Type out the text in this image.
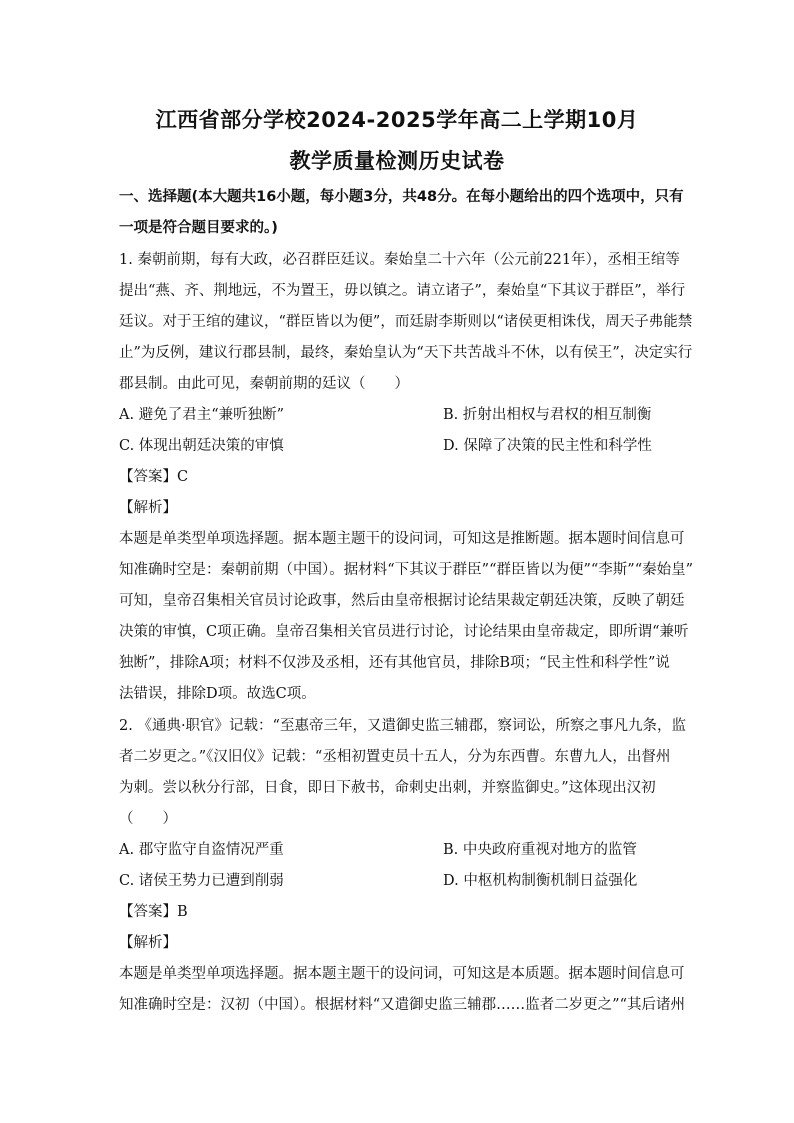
江西省部分学校2024-2025学年高二上学期10月
教学质量检测历史试卷
一、选择题(本大题共16小题，每小题3分，共48分。在每小题给出的四个选项中，只有
一项是符合题目要求的。)
1. 秦朝前期，每有大政，必召群臣廷议。秦始皇二十六年（公元前221年），丞相王绾等
提出“燕、齐、荆地远，不为置王，毋以镇之。请立诸子”，秦始皇“下其议于群臣”，举行
廷议。对于王绾的建议，“群臣皆以为便”，而廷尉李斯则以“诸侯更相诛伐，周天子弗能禁
止”为反例，建议行郡县制，最终，秦始皇认为“天下共苦战斗不休，以有侯王”，决定实行
郡县制。由此可见，秦朝前期的廷议（　　）
A. 避免了君主“兼听独断”	B. 折射出相权与君权的相互制衡
C. 体现出朝廷决策的审慎	D. 保障了决策的民主性和科学性
【答案】C
【解析】
本题是单类型单项选择题。据本题主题干的设问词，可知这是推断题。据本题时间信息可
知准确时空是：秦朝前期（中国）。据材料“下其议于群臣”“群臣皆以为便”“李斯”“秦始皇”
可知，皇帝召集相关官员讨论政事，然后由皇帝根据讨论结果裁定朝廷决策，反映了朝廷
决策的审慎，C项正确。皇帝召集相关官员进行讨论，讨论结果由皇帝裁定，即所谓“兼听
独断”，排除A项；材料不仅涉及丞相，还有其他官员，排除B项；“民主性和科学性”说
法错误，排除D项。故选C项。
2. 《通典·职官》记载：“至惠帝三年，又遣御史监三辅郡，察词讼，所察之事凡九条，监
者二岁更之。”《汉旧仪》记载：“丞相初置吏员十五人，分为东西曹。东曹九人，出督州
为刺。尝以秋分行部，日食，即日下赦书，命刺史出刺，并察监御史。”这体现出汉初
（　　）
A. 郡守监守自盗情况严重	B. 中央政府重视对地方的监管
C. 诸侯王势力已遭到削弱	D. 中枢机构制衡机制日益强化
【答案】B
【解析】
本题是单类型单项选择题。据本题主题干的设问词，可知这是本质题。据本题时间信息可
知准确时空是：汉初（中国）。根据材料“又遣御史监三辅郡……监者二岁更之”“其后诸州
